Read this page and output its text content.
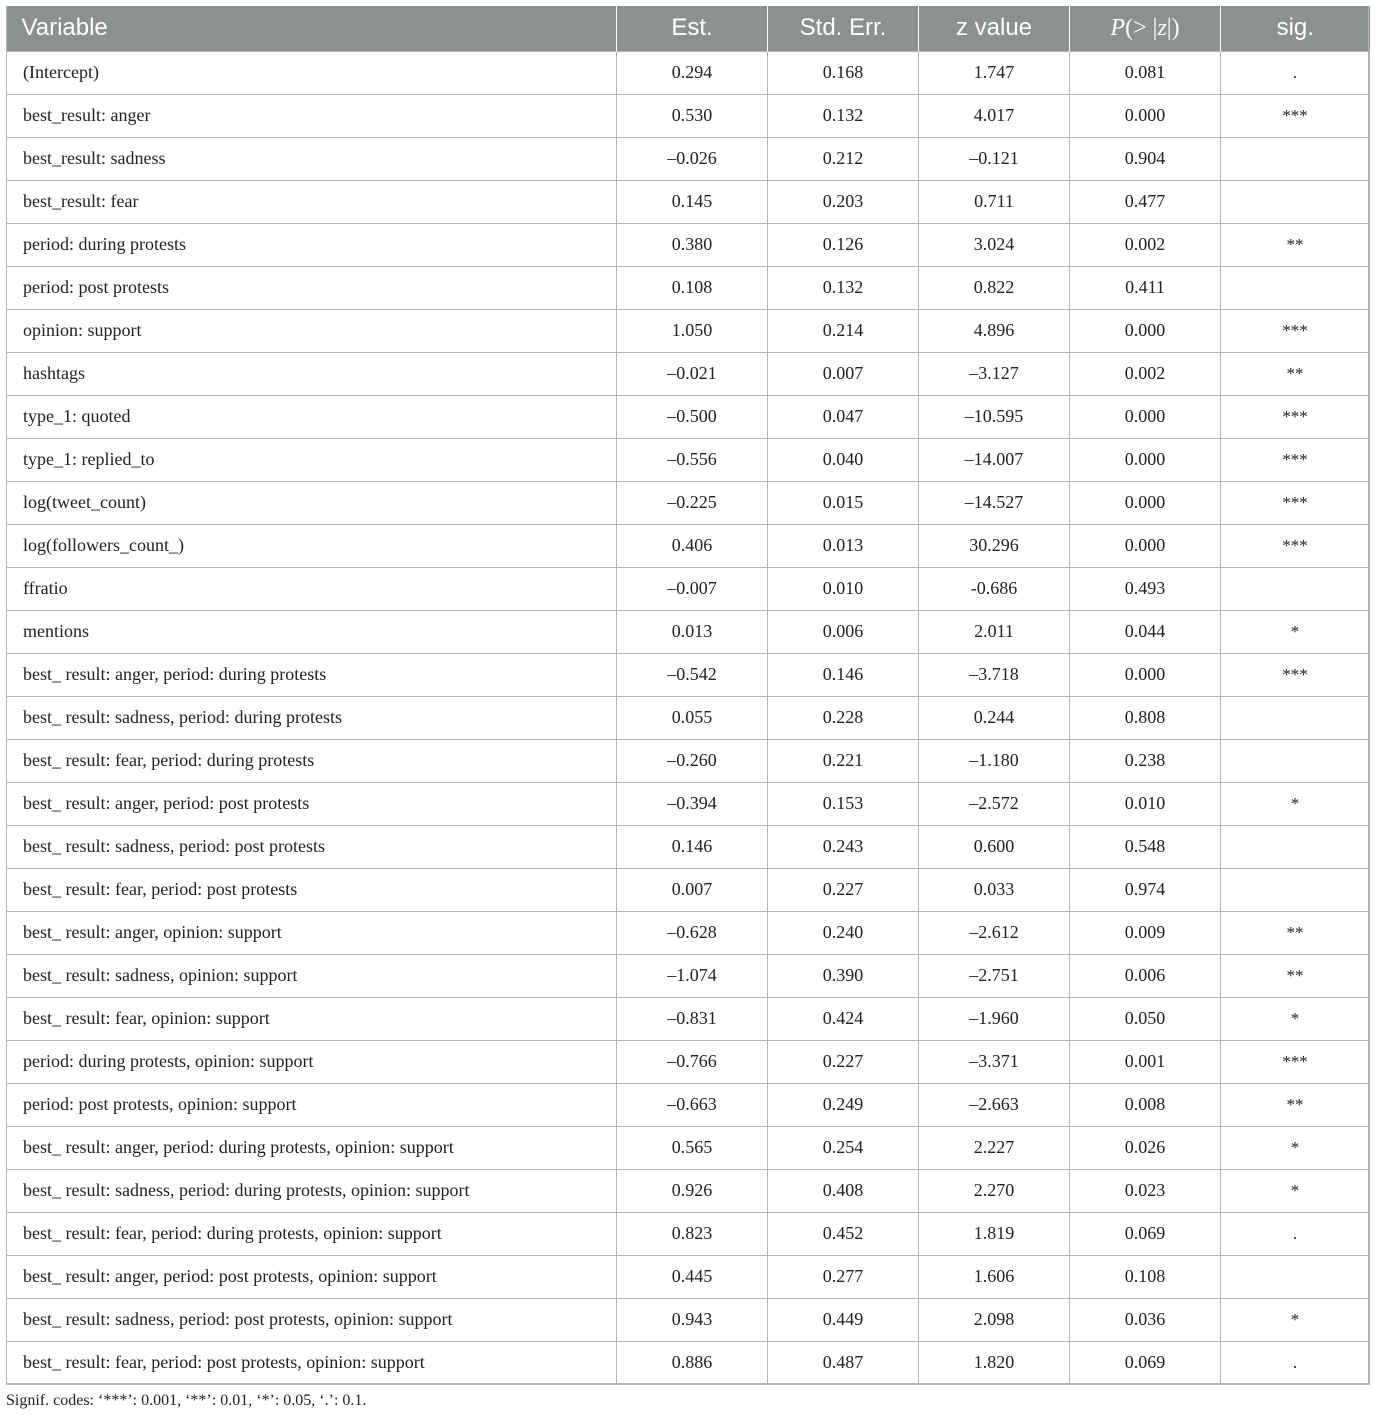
Variable	Est.	Std. Err.	z value	P(> |z|)	sig.
(Intercept)	0.294	0.168	1.747	0.081	.
best_result: anger	0.530	0.132	4.017	0.000	***
best_result: sadness	–0.026	0.212	–0.121	0.904	
best_result: fear	0.145	0.203	0.711	0.477	
period: during protests	0.380	0.126	3.024	0.002	**
period: post protests	0.108	0.132	0.822	0.411	
opinion: support	1.050	0.214	4.896	0.000	***
hashtags	–0.021	0.007	–3.127	0.002	**
type_1: quoted	–0.500	0.047	–10.595	0.000	***
type_1: replied_to	–0.556	0.040	–14.007	0.000	***
log(tweet_count)	–0.225	0.015	–14.527	0.000	***
log(followers_count_)	0.406	0.013	30.296	0.000	***
ffratio	–0.007	0.010	-0.686	0.493	
mentions	0.013	0.006	2.011	0.044	*
best_ result: anger, period: during protests	–0.542	0.146	–3.718	0.000	***
best_ result: sadness, period: during protests	0.055	0.228	0.244	0.808	
best_ result: fear, period: during protests	–0.260	0.221	–1.180	0.238	
best_ result: anger, period: post protests	–0.394	0.153	–2.572	0.010	*
best_ result: sadness, period: post protests	0.146	0.243	0.600	0.548	
best_ result: fear, period: post protests	0.007	0.227	0.033	0.974	
best_ result: anger, opinion: support	–0.628	0.240	–2.612	0.009	**
best_ result: sadness, opinion: support	–1.074	0.390	–2.751	0.006	**
best_ result: fear, opinion: support	–0.831	0.424	–1.960	0.050	*
period: during protests, opinion: support	–0.766	0.227	–3.371	0.001	***
period: post protests, opinion: support	–0.663	0.249	–2.663	0.008	**
best_ result: anger, period: during protests, opinion: support	0.565	0.254	2.227	0.026	*
best_ result: sadness, period: during protests, opinion: support	0.926	0.408	2.270	0.023	*
best_ result: fear, period: during protests, opinion: support	0.823	0.452	1.819	0.069	.
best_ result: anger, period: post protests, opinion: support	0.445	0.277	1.606	0.108	
best_ result: sadness, period: post protests, opinion: support	0.943	0.449	2.098	0.036	*
best_ result: fear, period: post protests, opinion: support	0.886	0.487	1.820	0.069	.
Signif. codes: ‘***’: 0.001, ‘**’: 0.01, ‘*’: 0.05, ‘.’: 0.1.
